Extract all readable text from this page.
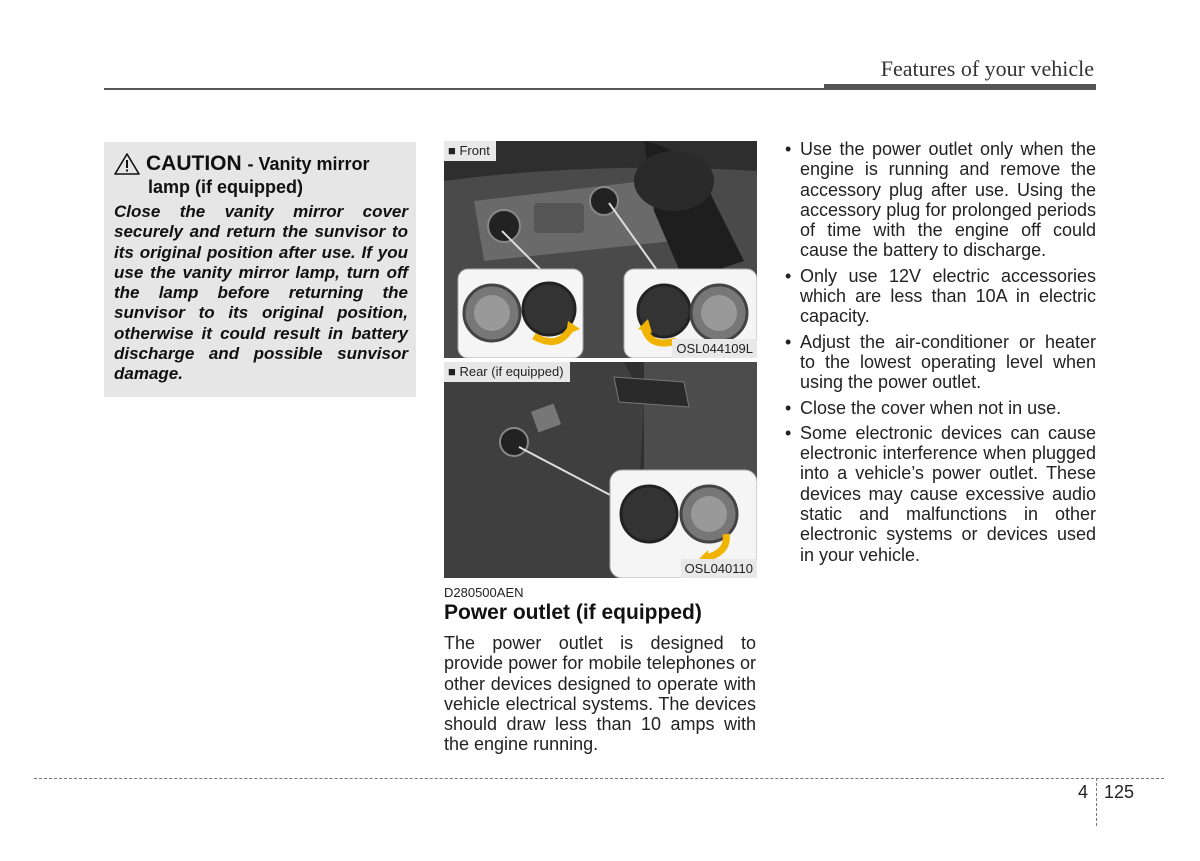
Features of your vehicle
CAUTION - Vanity mirror
lamp (if equipped)
Close the vanity mirror cover securely and return the sunvisor to its original position after use. If you use the vanity mirror lamp, turn off the lamp before returning the sunvisor to its original position, otherwise it could result in battery discharge and possible sunvisor damage.
■ Front
OSL044109L
■ Rear (if equipped)
OSL040110
D280500AEN
Power outlet (if equipped)
The power outlet is designed to provide power for mobile telephones or other devices designed to operate with vehicle electrical systems. The devices should draw less than 10 amps with the engine running.
• Use the power outlet only when the engine is running and remove the accessory plug after use. Using the accessory plug for prolonged periods of time with the engine off could cause the battery to discharge.
• Only use 12V electric accessories which are less than 10A in electric capacity.
• Adjust the air-conditioner or heater to the lowest operating level when using the power outlet.
• Close the cover when not in use.
• Some electronic devices can cause electronic interference when plugged into a vehicle’s power outlet. These devices may cause excessive audio static and malfunctions in other electronic systems or devices used in your vehicle.
4 125
